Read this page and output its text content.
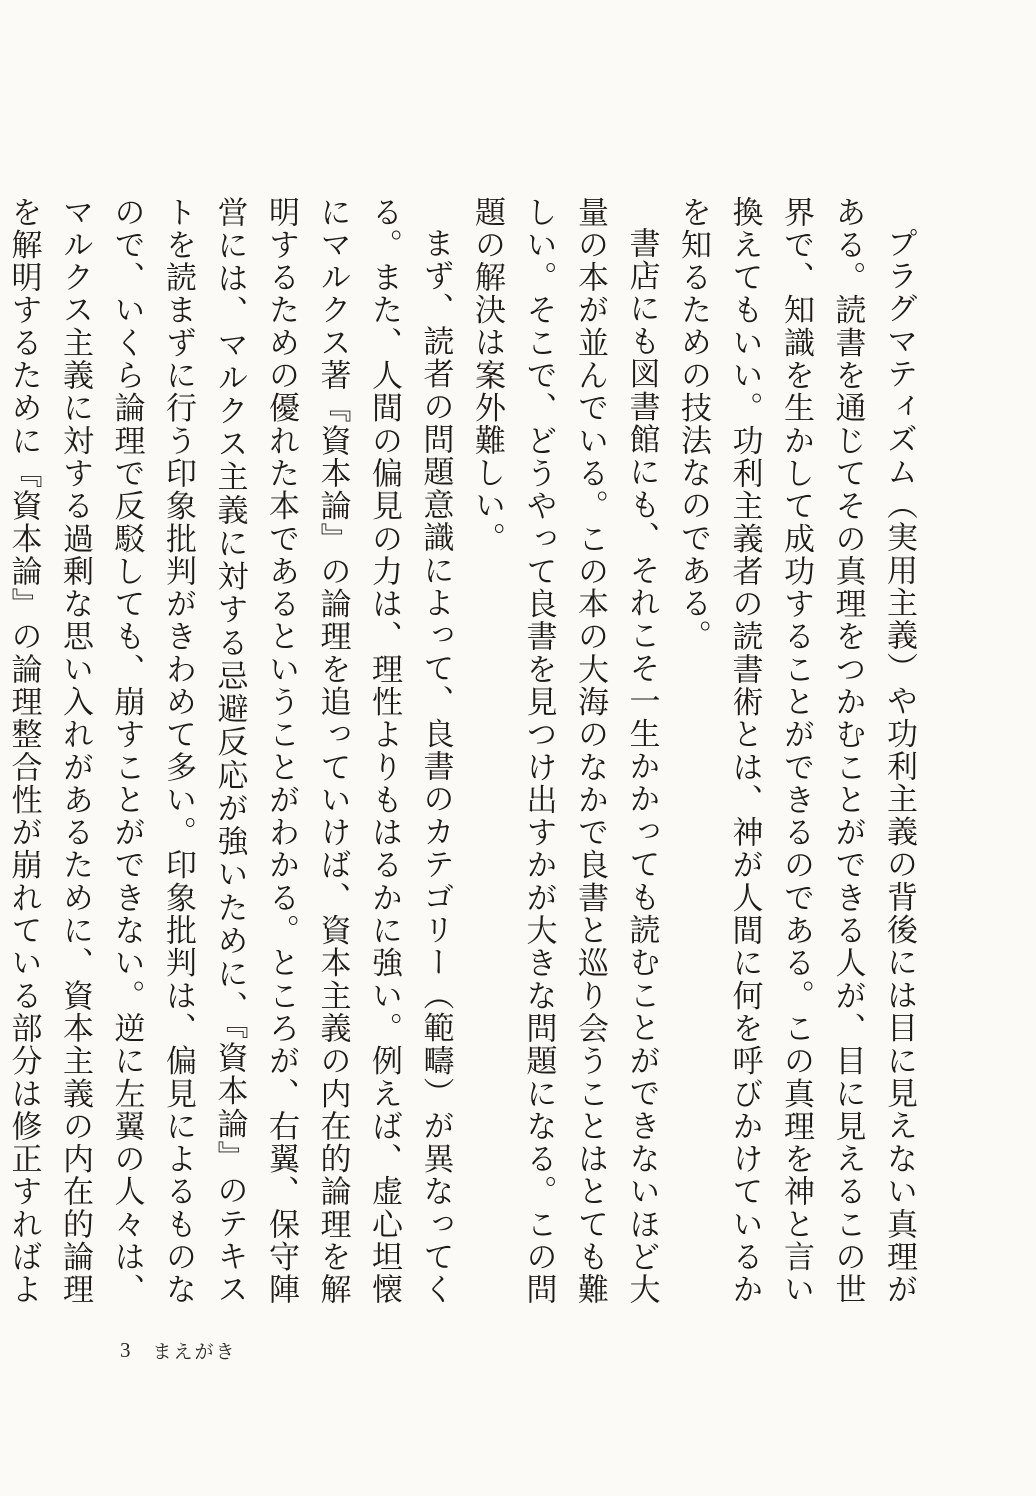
プラグマティズム（実用主義）や功利主義の背後には目に見えない真理がある。読書を通じてその真理をつかむことができる人が、目に見えるこの世界で、知識を生かして成功することができるのである。この真理を神と言い換えてもいい。功利主義者の読書術とは、神が人間に何を呼びかけているかを知るための技法なのである。

書店にも図書館にも、それこそ一生かかっても読むことができないほど大量の本が並んでいる。この本の大海のなかで良書と巡り会うことはとても難しい。そこで、どうやって良書を見つけ出すかが大きな問題になる。この問題の解決は案外難しい。

まず、読者の問題意識によって、良書のカテゴリー（範疇）が異なってくる。また、人間の偏見の力は、理性よりもはるかに強い。例えば、虚心坦懐にマルクス著『資本論』の論理を追っていけば、資本主義の内在的論理を解明するための優れた本であるということがわかる。ところが、右翼、保守陣営には、マルクス主義に対する忌避反応が強いために、『資本論』のテキストを読まずに行う印象批判がきわめて多い。印象批判は、偏見によるものなので、いくら論理で反駁しても、崩すことができない。逆に左翼の人々は、マルクス主義に対する過剰な思い入れがあるために、資本主義の内在的論理を解明するために『資本論』の論理整合性が崩れている部分は修正すればよ

3 まえがき
